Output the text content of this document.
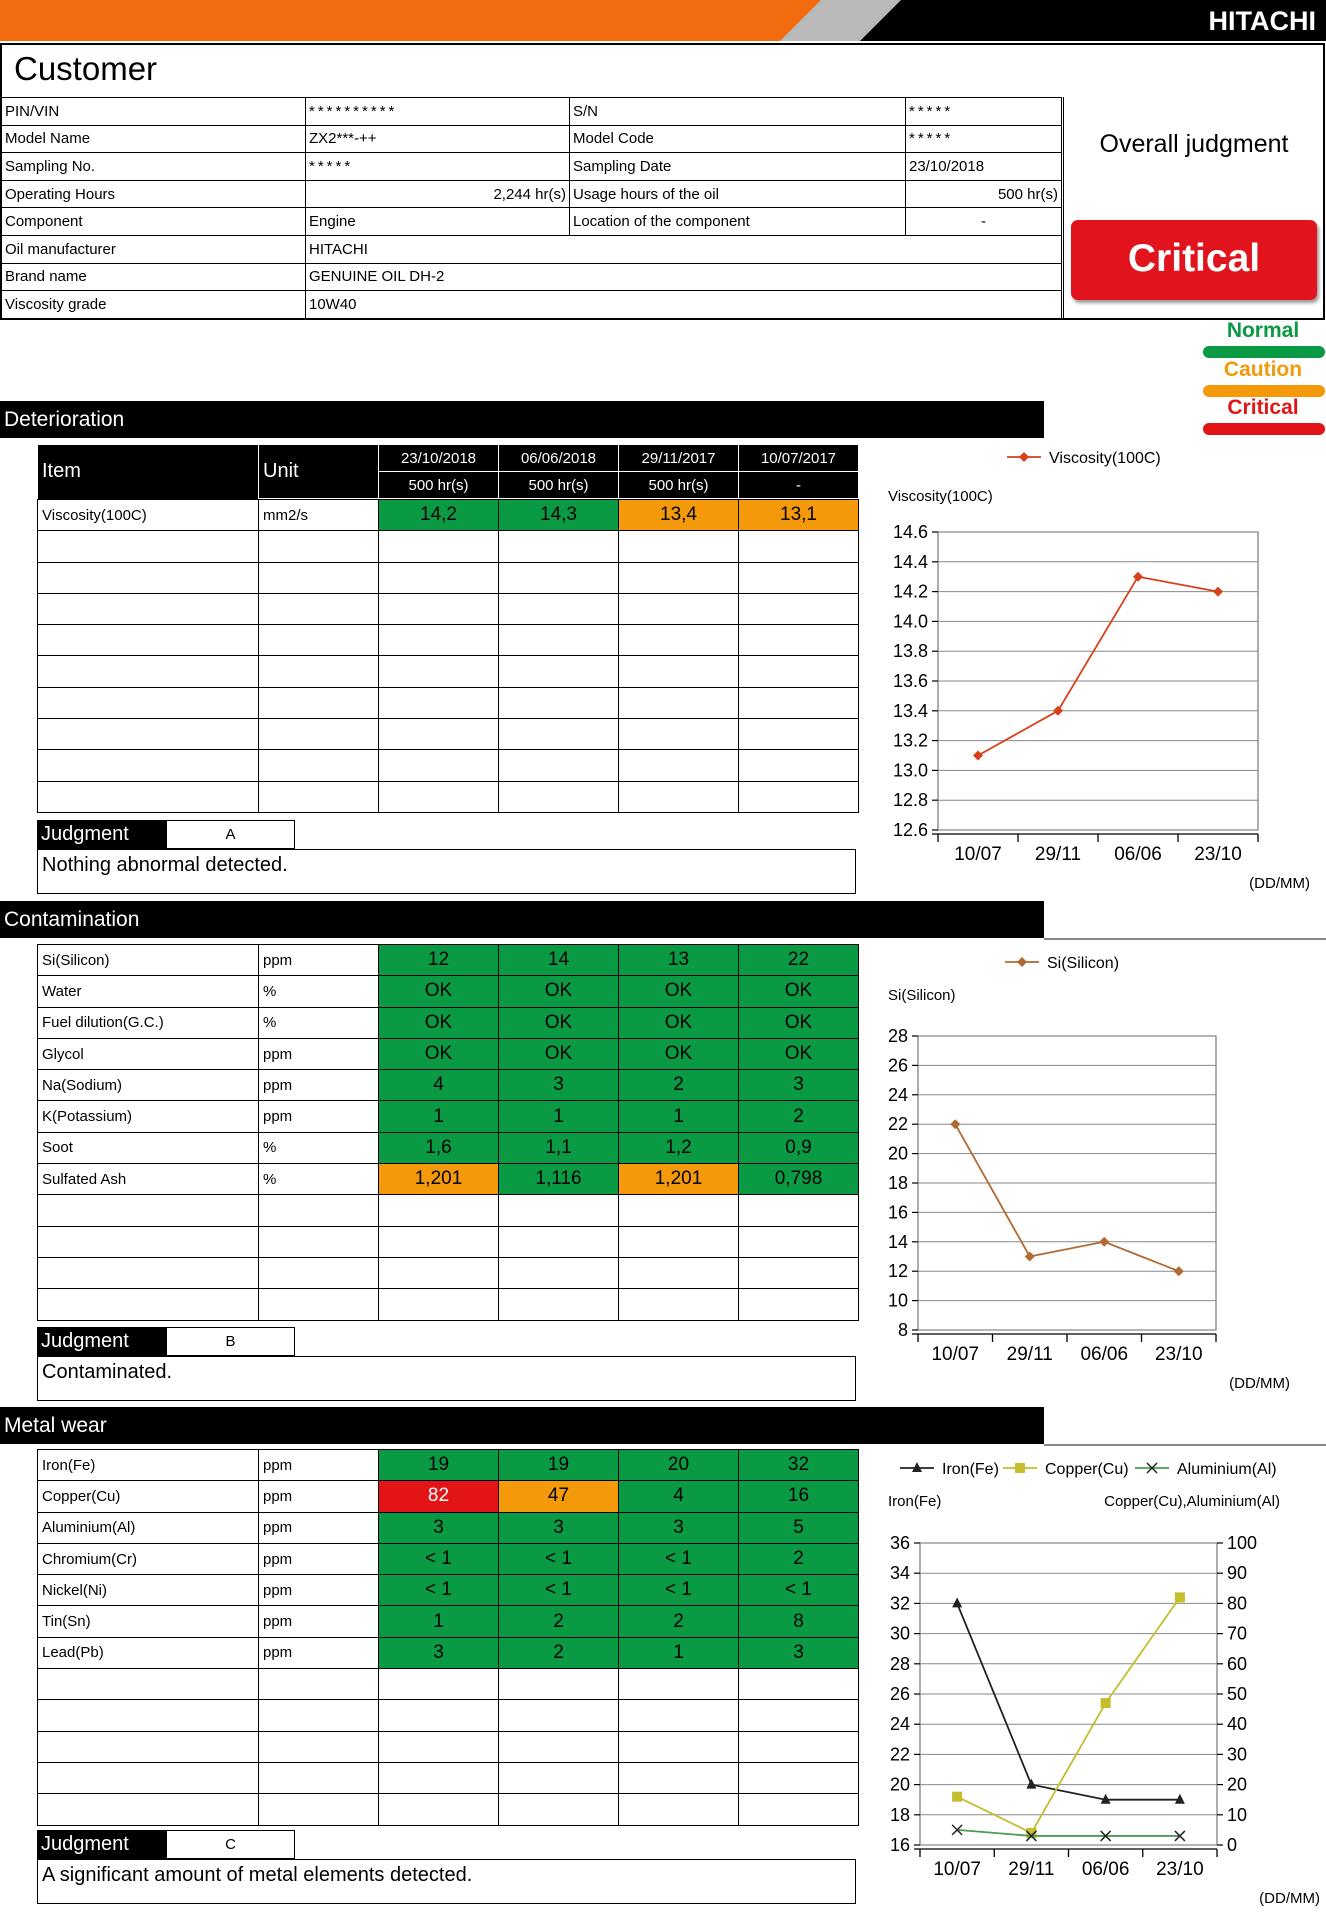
HITACHI
Customer
PIN/VIN	**********	S/N	*****
Model Name	ZX2***-++	Model Code	*****
Sampling No.	*****	Sampling Date	23/10/2018
Operating Hours	2,244 hr(s)	Usage hours of the oil	500 hr(s)
Component	Engine	Location of the component	-
Oil manufacturer	HITACHI		
Brand name	GENUINE OIL DH-2		
Viscosity grade	10W40		
Overall judgment
Critical
Normal
Caution
Critical
Deterioration
Item	Unit	23/10/2018	06/06/2018	29/11/2017	10/07/2017
		500 hr(s)	500 hr(s)	500 hr(s)	-
Viscosity(100C)	mm2/s	14,2	14,3	13,4	13,1

Judgment	A
Nothing abnormal detected.
Contamination
Si(Silicon)	ppm	12	14	13	22
Water	%	OK	OK	OK	OK
Fuel dilution(G.C.)	%	OK	OK	OK	OK
Glycol	ppm	OK	OK	OK	OK
Na(Sodium)	ppm	4	3	2	3
K(Potassium)	ppm	1	1	1	2
Soot	%	1,6	1,1	1,2	0,9
Sulfated Ash	%	1,201	1,116	1,201	0,798

Judgment	B
Contaminated.
Metal wear
Iron(Fe)	ppm	19	19	20	32
Copper(Cu)	ppm	82	47	4	16
Aluminium(Al)	ppm	3	3	3	5
Chromium(Cr)	ppm	< 1	< 1	< 1	2
Nickel(Ni)	ppm	< 1	< 1	< 1	< 1
Tin(Sn)	ppm	1	2	2	8
Lead(Pb)	ppm	3	2	1	3

Judgment	C
A significant amount of metal elements detected.
12.6
12.8
13.0
13.2
13.4
13.6
13.8
14.0
14.2
14.4
14.6
10/07 29/11 06/06 23/10
(DD/MM)
Viscosity(100C)
Viscosity(100C)
8
10
12
14
16
18
20
22
24
26
28
10/07 29/11 06/06 23/10
(DD/MM)
Si(Silicon)
Si(Silicon)
16
18
20
22
24
26
28
30
32
34
36
0
10
20
30
40
50
60
70
80
90
100
10/07 29/11 06/06 23/10
(DD/MM)
Iron(Fe)	Copper(Cu),Aluminium(Al)
Iron(Fe)	Copper(Cu)	Aluminium(Al)
